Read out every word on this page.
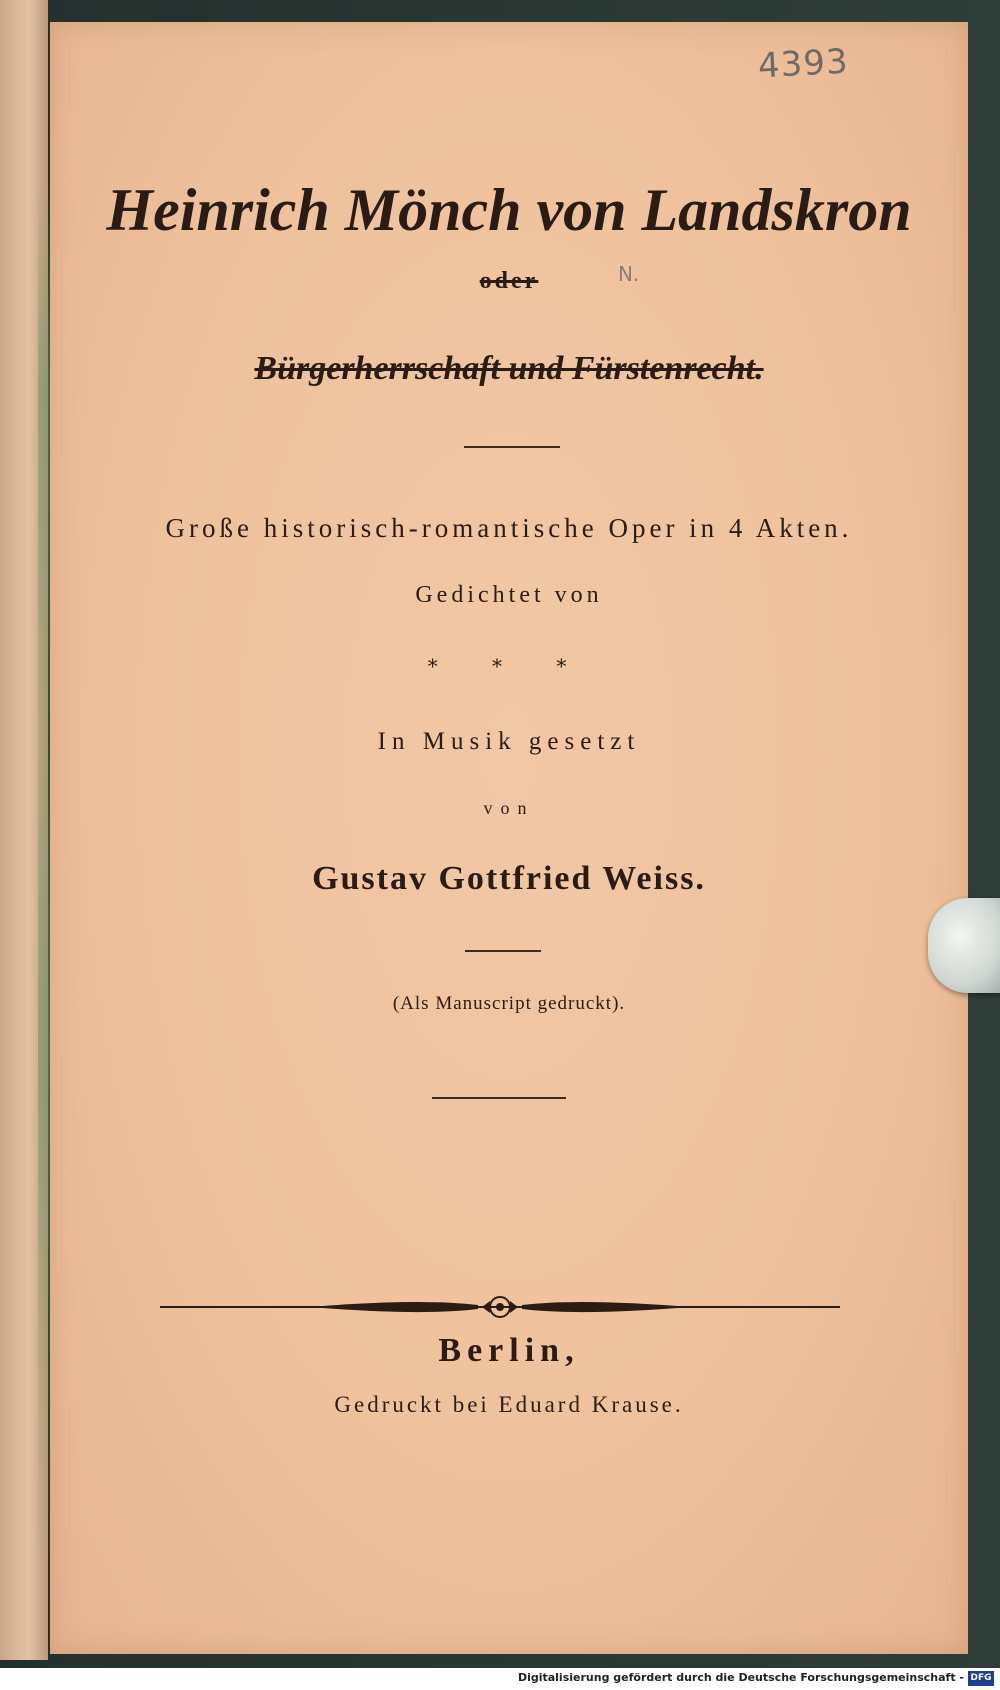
4393
Heinrich Mönch von Landskron
oder	N.
Bürgerherrschaft und Fürstenrecht.
Große historisch-romantische Oper in 4 Akten.
Gedichtet von
* * *
In Musik gesetzt
von
Gustav Gottfried Weiss.
(Als Manuscript gedruckt).
Berlin,
Gedruckt bei Eduard Krause.
Digitalisierung gefördert durch die Deutsche Forschungsgemeinschaft - DFG
